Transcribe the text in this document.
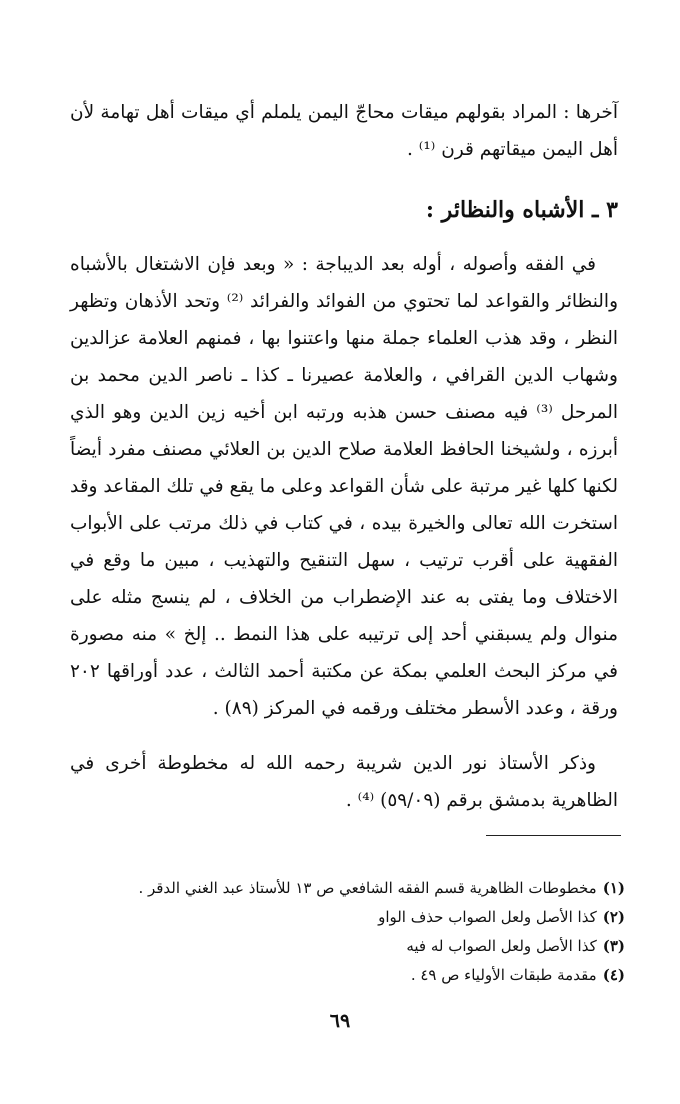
آخرها : المراد بقولهم ميقات محاجّ اليمن يلملم أي ميقات أهل تهامة لأن أهل اليمن ميقاتهم قرن ⁽¹⁾ .

٣ ـ الأشباه والنظائر :

في الفقه وأصوله ، أوله بعد الديباجة : « وبعد فإن الاشتغال بالأشباه والنظائر والقواعد لما تحتوي من الفوائد والفرائد ⁽²⁾ وتحد الأذهان وتظهر النظر ، وقد هذب العلماء جملة منها واعتنوا بها ، فمنهم العلامة عزالدين وشهاب الدين القرافي ، والعلامة عصيرنا ـ كذا ـ ناصر الدين محمد بن المرحل ⁽³⁾ فيه مصنف حسن هذبه ورتبه ابن أخيه زين الدين وهو الذي أبرزه ، ولشيخنا الحافظ العلامة صلاح الدين بن العلائي مصنف مفرد أيضاً لكنها كلها غير مرتبة على شأن القواعد وعلى ما يقع في تلك المقاعد وقد استخرت الله تعالى والخيرة بيده ، في كتاب في ذلك مرتب على الأبواب الفقهية على أقرب ترتيب ، سهل التنقيح والتهذيب ، مبين ما وقع في الاختلاف وما يفتى به عند الإضطراب من الخلاف ، لم ينسج مثله على منوال ولم يسبقني أحد إلى ترتيبه على هذا النمط .. إلخ » منه مصورة في مركز البحث العلمي بمكة عن مكتبة أحمد الثالث ، عدد أوراقها ٢٠٢ ورقة ، وعدد الأسطر مختلف ورقمه في المركز (٨٩) .

وذكر الأستاذ نور الدين شريبة رحمه الله له مخطوطة أخرى في الظاهرية بدمشق برقم (٥٩/٠٩) ⁽⁴⁾ .

(١)مخطوطات الظاهرية قسم الفقه الشافعي ص ١٣ للأستاذ عبد الغني الدقر .

(٢)كذا الأصل ولعل الصواب حذف الواو

(٣)كذا الأصل ولعل الصواب له فيه

(٤)مقدمة طبقات الأولياء ص ٤٩ .

٦٩
